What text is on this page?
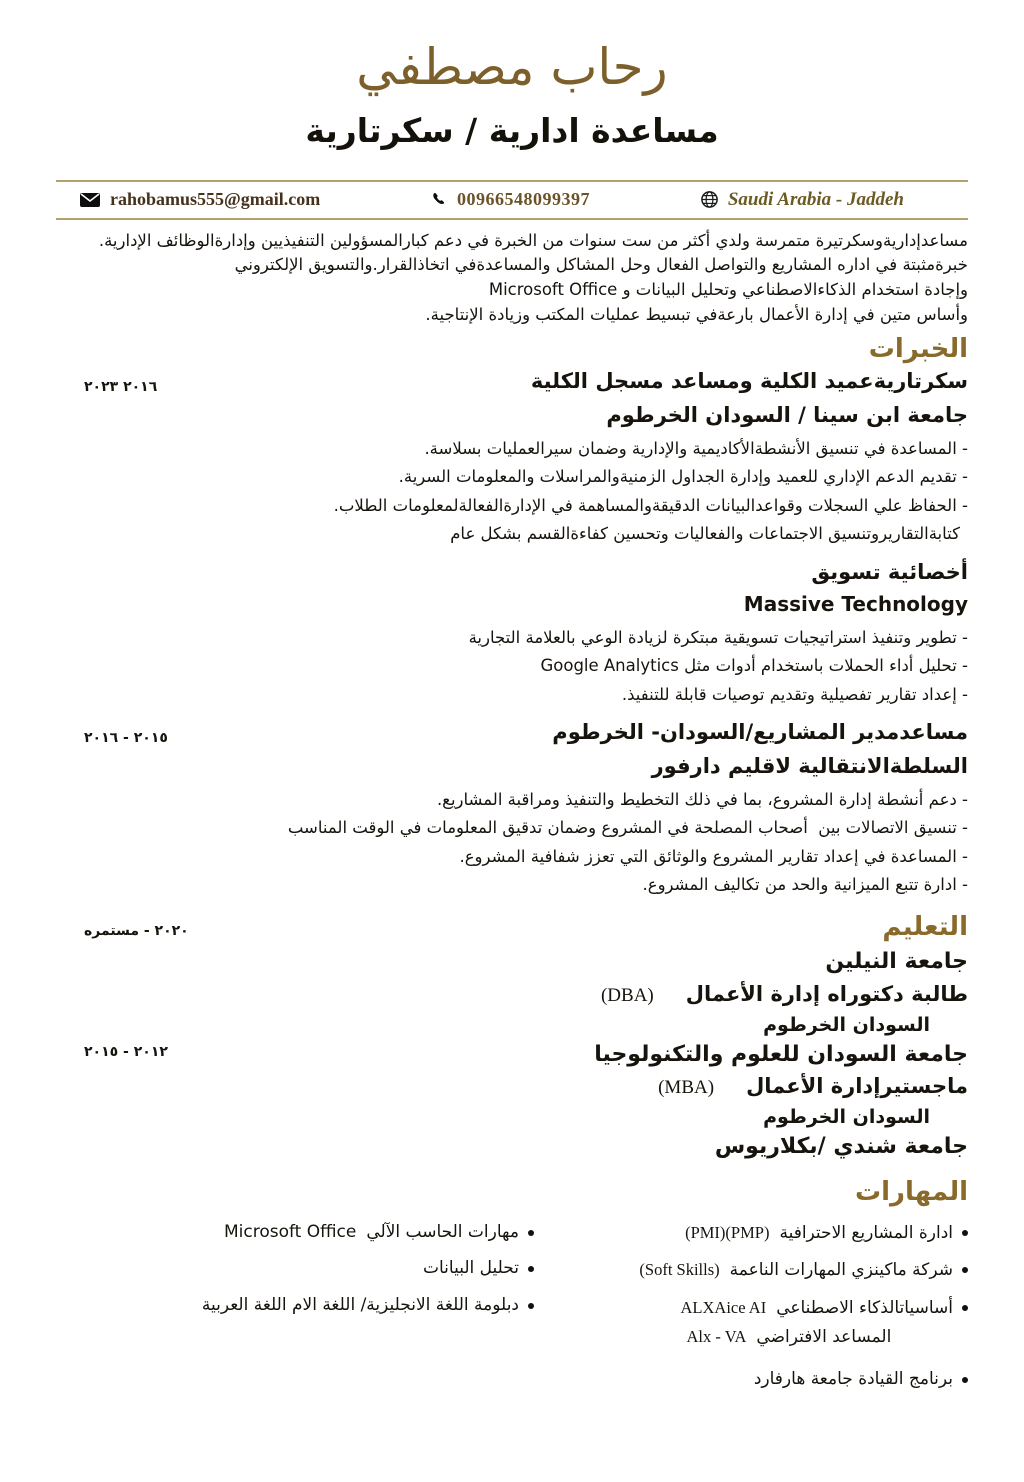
رحاب مصطفي
مساعدة ادارية / سكرتارية
rahobamus555@gmail.com	00966548099397	Saudi Arabia - Jaddeh
مساعدإداريةوسكرتيرة متمرسة ولدي أكثر من ست سنوات من الخبرة في دعم كبارالمسؤولين التنفيذيين وإدارةالوظائف الإدارية.
خبرةمثبتة في اداره المشاريع والتواصل الفعال وحل المشاكل والمساعدةفي اتخاذالقرار.والتسويق الإلكتروني
وإجادة استخدام الذكاءالاصطناعي وتحليل البيانات و Microsoft Office
وأساس متين في إدارة الأعمال بارعةفي تبسيط عمليات المكتب وزيادة الإنتاجية.
الخبرات
سكرتاريةعميد الكلية ومساعد مسجل الكلية
٢٠١٦ ٢٠٢٣
جامعة ابن سينا / السودان الخرطوم
- المساعدة في تنسيق الأنشطةالأكاديمية والإدارية وضمان سيرالعمليات بسلاسة.
- تقديم الدعم الإداري للعميد وإدارة الجداول الزمنيةوالمراسلات والمعلومات السرية.
- الحفاظ علي السجلات وقواعدالبيانات الدقيقةوالمساهمة في الإدارةالفعالةلمعلومات الطلاب.
كتابةالتقاريروتنسيق الاجتماعات والفعاليات وتحسين كفاءةالقسم بشكل عام
أخصائية تسويق
Massive Technology
- تطوير وتنفيذ استراتيجيات تسويقية مبتكرة لزيادة الوعي بالعلامة التجارية
- تحليل أداء الحملات باستخدام أدوات مثل Google Analytics
- إعداد تقارير تفصيلية وتقديم توصيات قابلة للتنفيذ.
مساعدمدير المشاريع/السودان- الخرطوم
٢٠١٥ - ٢٠١٦
السلطةالانتقالية لاقليم دارفور
- دعم أنشطة إدارة المشروع، بما في ذلك التخطيط والتنفيذ ومراقبة المشاريع.
- تنسيق الاتصالات بين  أصحاب المصلحة في المشروع وضمان تدقيق المعلومات في الوقت المناسب
- المساعدة في إعداد تقارير المشروع والوثائق التي تعزز شفافية المشروع.
- ادارة تتبع الميزانية والحد من تكاليف المشروع.
التعليم
٢٠٢٠ - مستمره
جامعة النيلين
طالبة دكتوراه إدارة الأعمال
(DBA)
السودان الخرطوم
٢٠١٢ - ٢٠١٥	جامعة السودان للعلوم والتكنولوجيا
ماجستيرإدارة الأعمال
(MBA)
السودان الخرطوم
جامعة شندي /بكلاريوس
المهارات
ادارة المشاريع الاحترافية
(PMI)(PMP)
شركة ماكينزي المهارات الناعمة
(Soft Skills)
أساسياتالذكاء الاصطناعي
ALXAice AI
المساعد الافتراضي
Alx - VA
برنامج القيادة جامعة هارفارد
مهارات الحاسب الآلي
Microsoft Office
تحليل البيانات
دبلومة اللغة الانجليزية/ اللغة الام اللغة العربية
